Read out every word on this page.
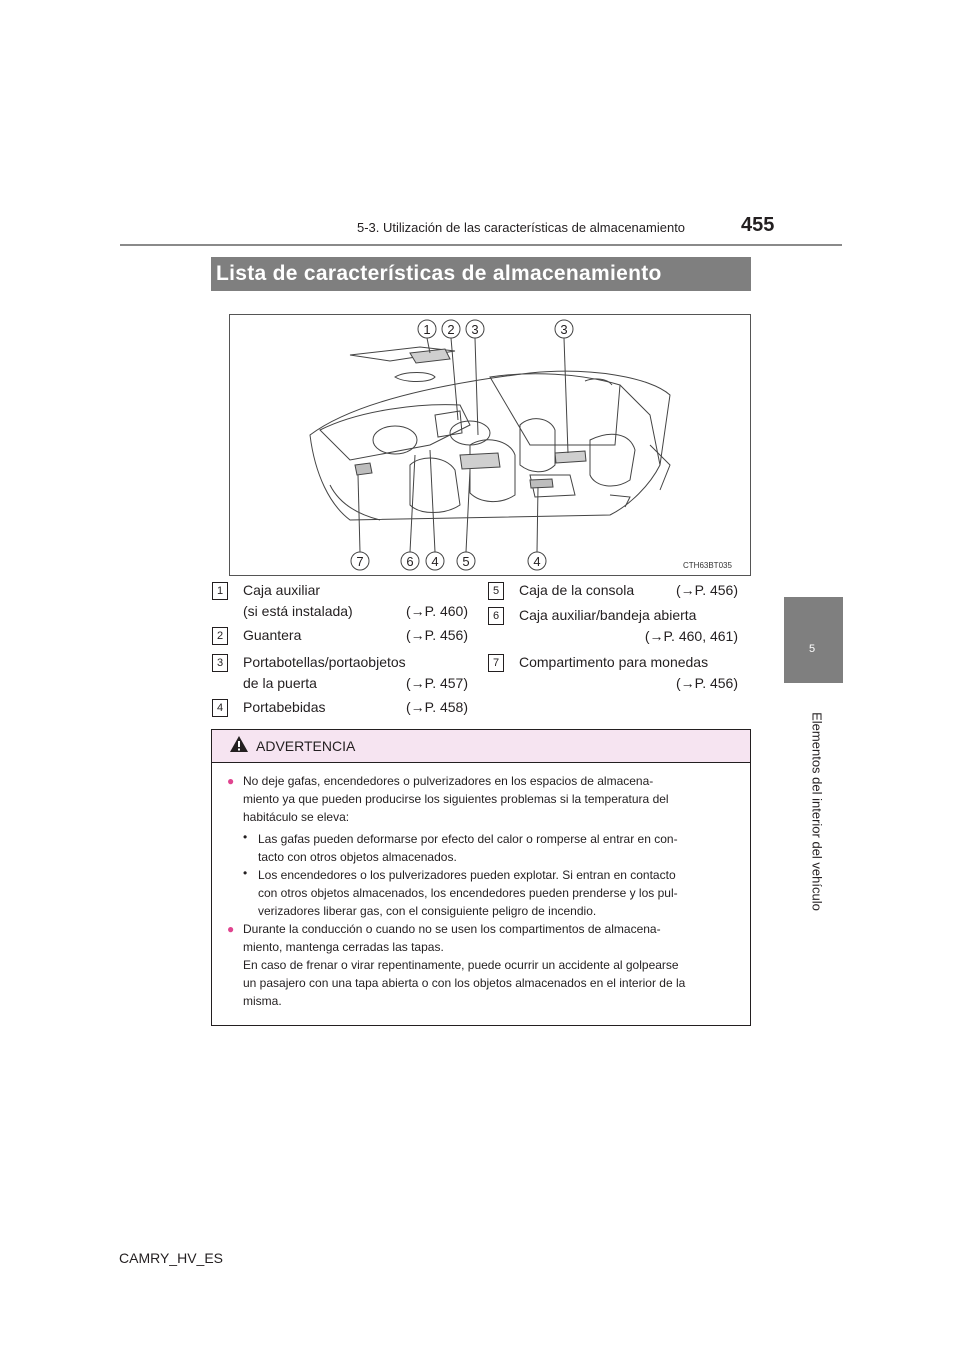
5-3. Utilización de las características de almacenamiento	455
5
Elementos del interior del vehículo
Lista de características de almacenamiento
1 2 3	3
7	6 4 5	4	CTH63BT035
1	Caja auxiliar
(si está instalada)	(→P. 460)
2	Guantera	(→P. 456)
3	Portabotellas/portaobjetos
de la puerta	(→P. 457)
4	Portabebidas	(→P. 458)
5	Caja de la consola	(→P. 456)
6	Caja auxiliar/bandeja abierta
(→P. 460, 461)
7	Compartimento para monedas
(→P. 456)
ADVERTENCIA
● No deje gafas, encendedores o pulverizadores en los espacios de almacena-
miento ya que pueden producirse los siguientes problemas si la temperatura del
habitáculo se eleva:
• Las gafas pueden deformarse por efecto del calor o romperse al entrar en con-
tacto con otros objetos almacenados.
• Los encendedores o los pulverizadores pueden explotar. Si entran en contacto
con otros objetos almacenados, los encendedores pueden prenderse y los pul-
verizadores liberar gas, con el consiguiente peligro de incendio.
● Durante la conducción o cuando no se usen los compartimentos de almacena-
miento, mantenga cerradas las tapas.
En caso de frenar o virar repentinamente, puede ocurrir un accidente al golpearse
un pasajero con una tapa abierta o con los objetos almacenados en el interior de la
misma.
CAMRY_HV_ES
